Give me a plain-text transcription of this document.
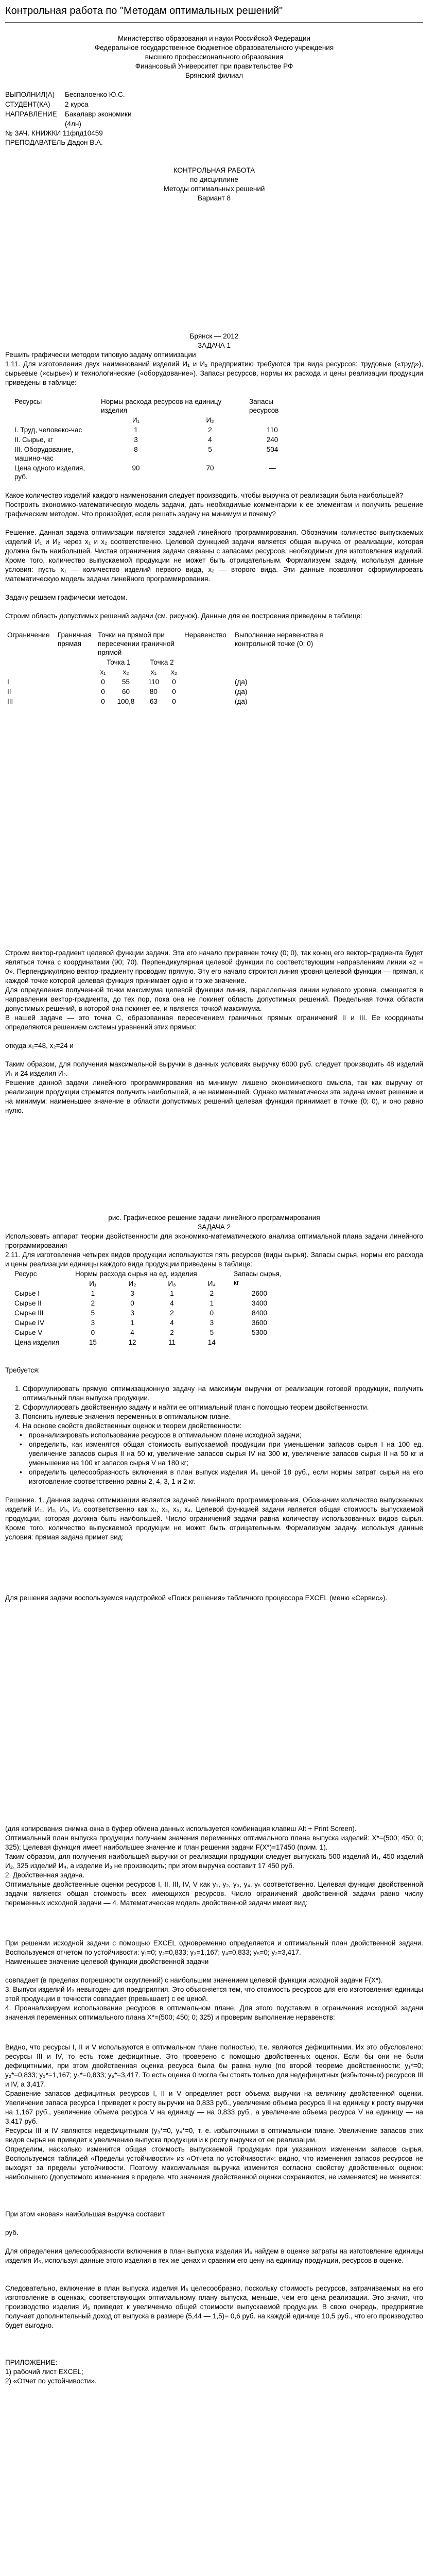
Контрольная работа по "Методам оптимальных решений"

Министерство образования и науки Российской Федерации

Федеральное государственное бюджетное образовательного учреждения

высшего профессионального образования

Финансовый Университет при правительстве РФ

Брянский филиал

ВЫПОЛНИЛ(А)	Беспалоенко Ю.С.
СТУДЕНТ(КА)	2 курса
НАПРАВЛЕНИЕ	Бакалавр экономики
	(4лн)

№ ЗАЧ. КНИЖКИ 11фпд10459

ПРЕПОДАВАТЕЛЬ Дадон В.А.

КОНТРОЛЬНАЯ РАБОТА

по дисциплине

Методы оптимальных решений

Вариант 8

Брянск — 2012

ЗАДАЧА 1

Решить графически методом типовую задачу оптимизации

1.11. Для изготовления двух наименований изделий И₁ и И₂ предприятию требуются три вида ресурсов: трудовые («труд»), сырьевые («сырье») и технологические («оборудование»). Запасы ресурсов, нормы их расхода и цены реализации продукции приведены в таблице:

Ресурсы	Нормы расхода ресурсов на единицу изделия		Запасы ресурсов
	И₁	И₂	
I. Труд, человеко-час	1	2	110
II. Сырье, кг	3	4	240
III. Оборудование, машино-час	8	5	504
Цена одного изделия, руб.	90	70	—

Какое количество изделий каждого наименования следует производить, чтобы выручка от реализации была наибольшей?

Построить экономико-математическую модель задачи, дать необходимые комментарии к ее элементам и получить решение графическим методом. Что произойдет, если решать задачу на минимум и почему?

Решение. Данная задача оптимизации является задачей линейного программирования. Обозначим количество выпускаемых изделий И₁ и И₂ через x₁ и x₂ соответственно. Целевой функцией задачи является общая выручка от реализации, которая должна быть наибольшей. Чистая ограничения задачи связаны с запасами ресурсов, необходимых для изготовления изделий. Кроме того, количество выпускаемой продукции не может быть отрицательным. Формализуем задачу, используя данные условия: пусть x₁ — количество изделий первого вида, x₂ — второго вида. Эти данные позволяют сформулировать математическую модель задачи линейного программирования.

Задачу решаем графически методом.

Строим область допустимых решений задачи (см. рисунок). Данные для ее построения приведены в таблице:

Ограничение	Граничная прямая	Точки на прямой при пересечении граничной прямой				Неравенство	Выполнение неравенства в контрольной точке (0; 0)
		Точка 1		Точка 2			
		x₁	x₂	x₁	x₂		
I		0	55	110	0		(да)
II		0	60	80	0		(да)
III		0	100,8	63	0		(да)

Строим вектор-градиент целевой функции задачи. Эта его начало приравнен точку (0; 0), так конец его вектор-градиента будет являться точка с координатами (90; 70). Перпендикулярная целевой функции по соответствующим направлениям линии «z = 0». Перпендикулярно вектор-градиенту проводим прямую. Эту его начало строится линия уровня целевой функции — прямая, к каждой точке которой целевая функция принимает одно и то же значение.

Для определения полученной точки максимума целевой функции линия, параллельная линии нулевого уровня, смещается в направлении вектор-градиента, до тех пор, пока она не покинет область допустимых решений. Предельная точка области допустимых решений, в которой она покинет ее, и является точкой максимума.

В нашей задаче — это точка C, образованная пересечением граничных прямых ограничений II и III. Ее координаты определяются решением системы уравнений этих прямых:

откуда x₁=48, x₂=24 и

Таким образом, для получения максимальной выручки в данных условиях выручку 6000 руб. следует производить 48 изделий И₁ и 24 изделия И₂.

Решение данной задачи линейного программирования на минимум лишено экономического смысла, так как выручку от реализации продукции стремятся получить наибольшей, а не наименьшей. Однако математически эта задача имеет решение и на минимум: наименьшее значение в области допустимых решений целевая функция принимает в точке (0; 0), и оно равно нулю.

рис. Графическое решение задачи линейного программирования

ЗАДАЧА 2

Использовать аппарат теории двойственности для экономико-математического анализа оптимальной плана задачи линейного программирования

2.11. Для изготовления четырех видов продукции используются пять ресурсов (виды сырья). Запасы сырья, нормы его расхода и цены реализации единицы каждого вида продукции приведены в таблице:

Ресурс	Нормы расхода сырья на ед. изделия				Запасы сырья, кг
	И₁	И₂	И₃	И₄	
Сырье I	1	3	1	2	2600
Сырье II	2	0	4	1	3400
Сырье III	5	3	2	0	8400
Сырье IV	3	1	4	3	3600
Сырье V	0	4	2	5	5300
Цена изделия	15	12	11	14	

Требуется:

1. Сформулировать прямую оптимизационную задачу на максимум выручки от реализации готовой продукции, получить оптимальный план выпуска продукции.
2. Сформулировать двойственную задачу и найти ее оптимальный план с помощью теорем двойственности.
3. Пояснить нулевые значения переменных в оптимальном плане.
4. На основе свойств двойственных оценок и теорем двойственности:
• проанализировать использование ресурсов в оптимальном плане исходной задачи;
• определить, как изменятся общая стоимость выпускаемой продукции при уменьшении запасов сырья I на 100 ед. увеличение запасов сырья II на 50 кг, увеличение запасов сырья IV на 300 кг, увеличение запасов сырья II на 50 кг и уменьшение на 100 кг запасов сырья V на 180 кг;
• определить целесообразность включения в план выпуск изделия И₅ ценой 18 руб., если нормы затрат сырья на его изготовление соответственно равны 2, 4, 3, 1 и 2 кг.

Решение. 1. Данная задача оптимизации является задачей линейного программирования. Обозначим количество выпускаемых изделий И₁, И₂, И₃, И₄ соответственно как x₁, x₂, x₃, x₄. Целевой функцией задачи является общая стоимость выпускаемой продукции, которая должна быть наибольшей. Число ограничений задачи равна количеству использованных видов сырья. Кроме того, количество выпускаемой продукции не может быть отрицательным. Формализуем задачу, используя данные условия: прямая задача примет вид:

Для решения задачи воспользуемся надстройкой «Поиск решения» табличного процессора EXCEL (меню «Сервис»).

(для копирования снимка окна в буфер обмена данных используется комбинация клавиш Alt + Print Screen).

Оптимальный план выпуска продукции получаем значения переменных оптимального плана выпуска изделий: X*=(500; 450; 0; 325); Целевая функция имеет наибольшее значение и план решения задачи F(X*)=17450 (прим. 1).

Таким образом, для получения наибольшей выручки от реализации продукции следует выпускать 500 изделий И₁, 450 изделий И₂, 325 изделий И₄, а изделие И₃ не производить; при этом выручка составит 17 450 руб.

2. Двойственная задача.

Оптимальные двойственные оценки ресурсов I, II, III, IV, V как y₁, y₂, y₃, y₄, y₅ соответственно. Целевая функция двойственной задачи является общая стоимость всех имеющихся ресурсов. Число ограничений двойственной задачи равно числу переменных исходной задачи — 4. Математическая модель двойственной задачи имеет вид:

При решении исходной задачи с помощью EXCEL одновременно определяется и оптимальный план двойственной задачи. Воспользуемся отчетом по устойчивости: y₁=0; y₂=0,833; y₃=1,167; y₄=0,833; y₅=0; y₂=3,417.

Наименьшее значение целевой функции двойственной задачи

совпадает (в пределах погрешности округлений) с наибольшим значением целевой функции исходной задачи F(X*).

3. Выпуск изделий И₃ невыгоден для предприятия. Это объясняется тем, что стоимость ресурсов для его изготовления единицы этой продукции в точности совпадает (превышает) с ее ценой.

4. Проанализируем использование ресурсов в оптимальном плане. Для этого подставим в ограничения исходной задачи значения переменных оптимального плана X*=(500; 450; 0; 325) и проверим выполнение неравенств:

Видно, что ресурсы I, II и V используются в оптимальном плане полностью, т.е. являются дефицитными. Их это обусловлено: ресурсы III и IV, то есть тоже дефицитные. Это проверено с помощью двойственных оценок. Если бы они не были дефицитными, при этом двойственная оценка ресурса была бы равна нулю (по второй теореме двойственности: y₁*=0; y₂*=0,833; y₃*=1,167; y₄*=0,833; y₅*=3,417. То есть оценка 0 могла бы стоять только для недефицитных (избыточных) ресурсов III и IV, а 3,417.

Сравнение запасов дефицитных ресурсов I, II и V определяет рост объема выручки на величину двойственной оценки. Увеличение запаса ресурса I приведет к росту выручки на 0,833 руб., увеличение объема ресурса II на единицу к росту выручки на 1,167 руб., увеличение объема ресурса V на единицу — на 0,833 руб., а увеличение объема ресурса V на единицу — на 3,417 руб.

Ресурсы III и IV являются недефицитными (y₃*=0, y₄*=0, т. е. избыточными в оптимальном плане. Увеличение запасов этих видов сырья не приведет к увеличению выпуска продукции и к росту выручки от ее реализации.

Определим, насколько изменится общая стоимость выпускаемой продукции при указанном изменении запасов сырья. Воспользуемся таблицей «Пределы устойчивости» из «Отчета по устойчивости»: видно, что изменения запасов ресурсов не выходят за пределы устойчивости. Поэтому максимальная выручка изменится согласно свойству двойственных оценок: наибольшего (допустимого изменения в пределе, что значения двойственной оценки сохраняются, не изменяется) не меняется:

При этом «новая» наибольшая выручка составит

руб.

Для определения целесообразности включения в план выпуска изделия И₅ найдем в оценке затраты на изготовление единицы изделия И₅, используя данные этого изделия в тех же ценах и сравним его цену на единицу продукции, ресурсов в оценке.

Следовательно, включение в план выпуска изделия И₅ целесообразно, поскольку стоимость ресурсов, затрачиваемых на его изготовление в оценках, соответствующих оптимальному плану выпуска, меньше, чем его цена реализации. Это значит, что производство изделия И₅ приведет к увеличению общей стоимости выпускаемой продукции. В свою очередь, предприятие получает дополнительный доход от выпуска в размере (5,44 — 1,5)= 0,6 руб. на каждой единице 10,5 руб., что его производство будет выгодно.

ПРИЛОЖЕНИЕ:

1) рабочий лист EXCEL;

2) «Отчет по устойчивости».
